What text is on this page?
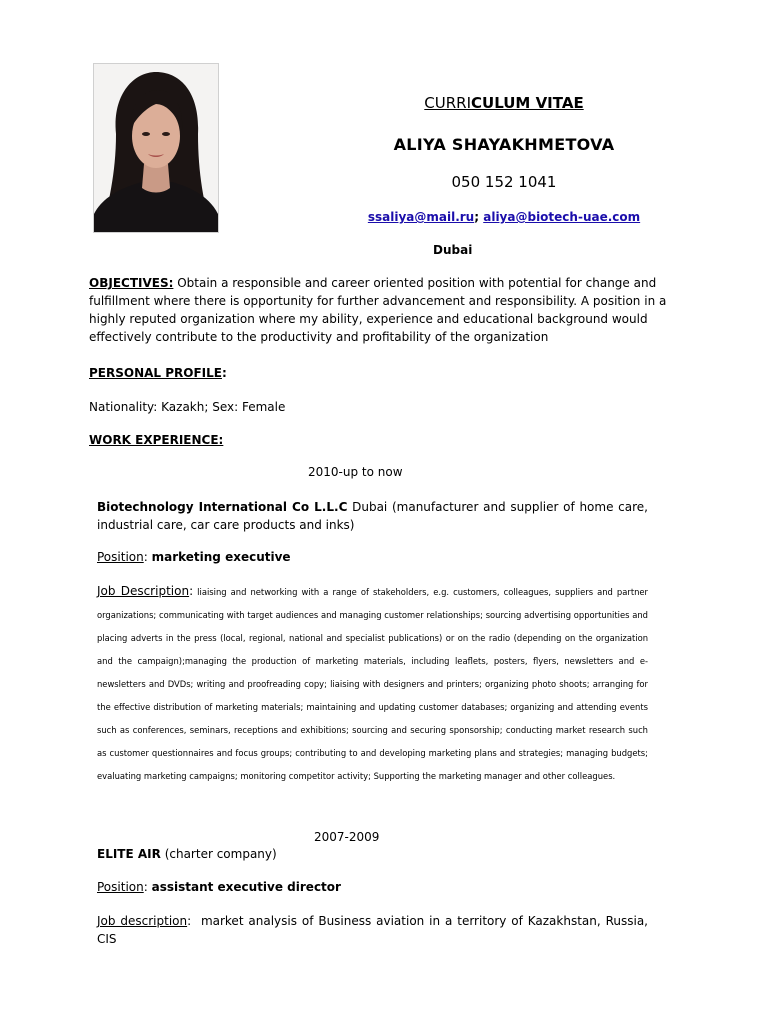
CURRICULUM VITAE
ALIYA SHAYAKHMETOVA
050 152 1041
ssaliya@mail.ru; aliya@biotech-uae.com
Dubai
OBJECTIVES: Obtain a responsible and career oriented position with potential for change and fulfillment where there is opportunity for further advancement and responsibility. A position in a highly reputed organization where my ability, experience and educational background would effectively contribute to the productivity and profitability of the organization
PERSONAL PROFILE:
Nationality: Kazakh; Sex: Female
WORK EXPERIENCE:
2010-up to now
Biotechnology International Co L.L.C Dubai (manufacturer and supplier of home care, industrial care, car care products and inks)
Position: marketing executive
Job Description: liaising and networking with a range of stakeholders, e.g. customers, colleagues, suppliers and partner organizations; communicating with target audiences and managing customer relationships; sourcing advertising opportunities and placing adverts in the press (local, regional, national and specialist publications) or on the radio (depending on the organization and the campaign);managing the production of marketing materials, including leaflets, posters, flyers, newsletters and e-newsletters and DVDs; writing and proofreading copy; liaising with designers and printers; organizing photo shoots; arranging for the effective distribution of marketing materials; maintaining and updating customer databases; organizing and attending events such as conferences, seminars, receptions and exhibitions; sourcing and securing sponsorship; conducting market research such as customer questionnaires and focus groups; contributing to and developing marketing plans and strategies; managing budgets; evaluating marketing campaigns; monitoring competitor activity; Supporting the marketing manager and other colleagues.
2007-2009
ELITE AIR (charter company)
Position: assistant executive director
Job description:  market analysis of Business aviation in a territory of Kazakhstan, Russia, CIS
